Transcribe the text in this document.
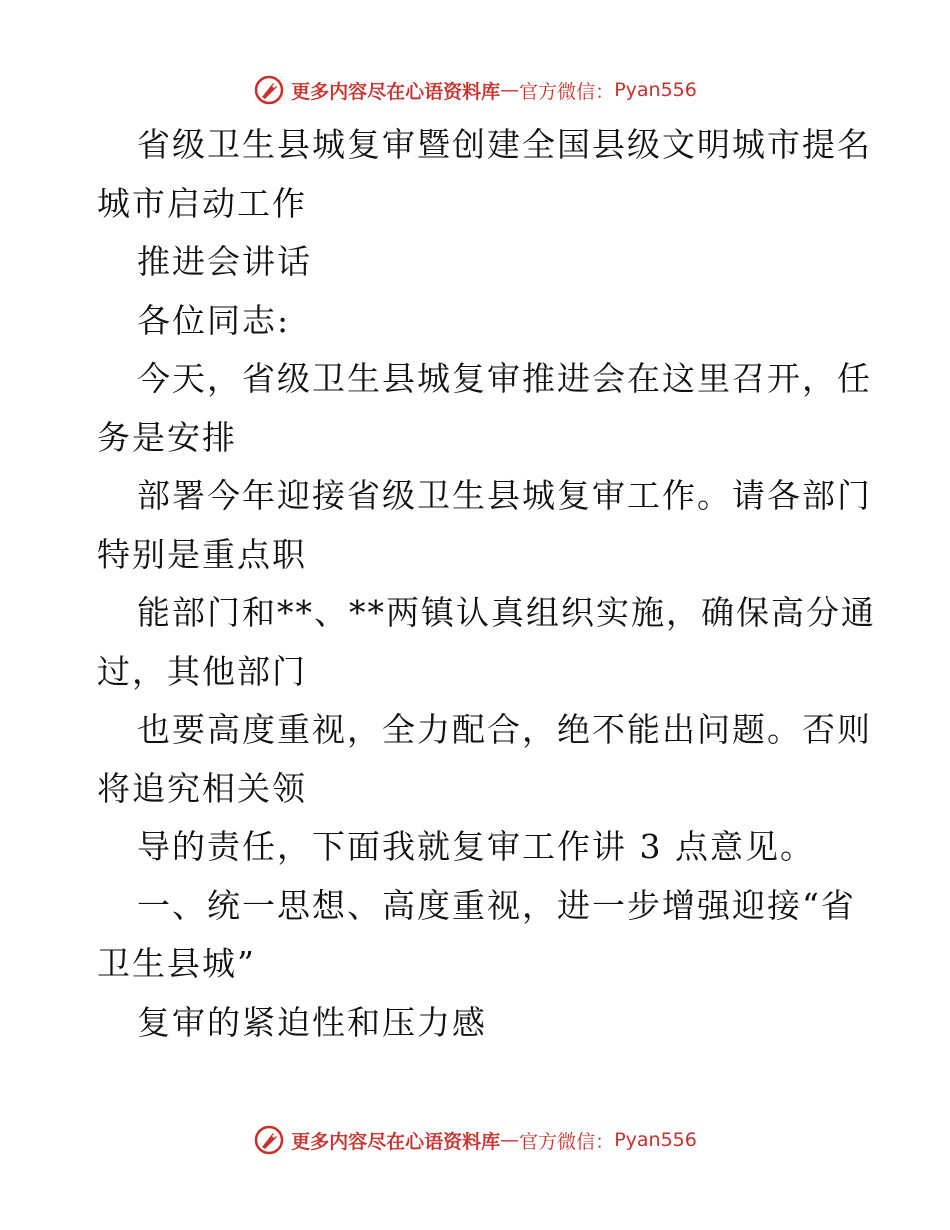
更多内容尽在心语资料库 — 官方微信： Pyan556
省级卫生县城复审暨创建全国县级文明城市提名
城市启动工作
推进会讲话
各位同志:
今天，省级卫生县城复审推进会在这里召开，任
务是安排
部署今年迎接省级卫生县城复审工作。请各部门
特别是重点职
能部门和**、**两镇认真组织实施，确保高分通
过，其他部门
也要高度重视，全力配合，绝不能出问题。否则
将追究相关领
导的责任，下面我就复审工作讲 3 点意见。
一、统一思想、高度重视，进一步增强迎接“省
卫生县城”
复审的紧迫性和压力感
更多内容尽在心语资料库 — 官方微信： Pyan556
